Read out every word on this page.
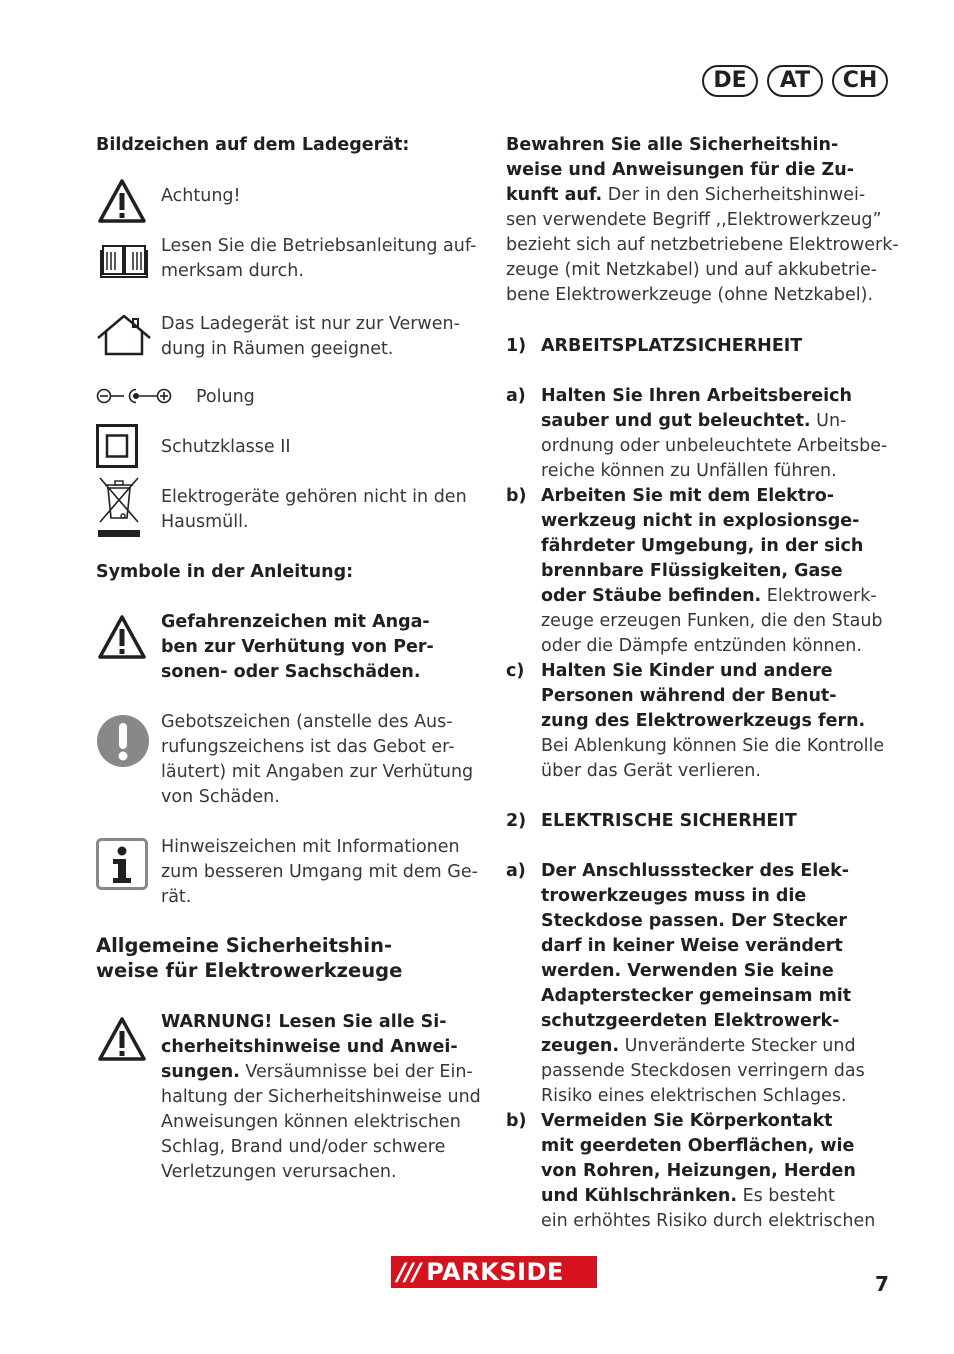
DE	AT	CH
Bildzeichen auf dem Ladegerät:
Achtung!
Lesen Sie die Betriebsanleitung auf-
merksam durch.
Das Ladegerät ist nur zur Verwen-
dung in Räumen geeignet.
Polung
Schutzklasse II
Elektrogeräte gehören nicht in den
Hausmüll.
Symbole in der Anleitung:
Gefahrenzeichen mit Anga-
ben zur Verhütung von Per-
sonen- oder Sachschäden.
Gebotszeichen (anstelle des Aus-
rufungszeichens ist das Gebot er-
läutert) mit Angaben zur Verhütung
von Schäden.
Hinweiszeichen mit Informationen
zum besseren Umgang mit dem Ge-
rät.
Allgemeine Sicherheitshin-
weise für Elektrowerkzeuge
WARNUNG! Lesen Sie alle Si-
cherheitshinweise und Anwei-
sungen. Versäumnisse bei der Ein-
haltung der Sicherheitshinweise und
Anweisungen können elektrischen
Schlag, Brand und/oder schwere
Verletzungen verursachen.
Bewahren Sie alle Sicherheitshin-
weise und Anweisungen für die Zu-
kunft auf. Der in den Sicherheitshinwei-
sen verwendete Begriff ,,Elektrowerkzeug”
bezieht sich auf netzbetriebene Elektrowerk-
zeuge (mit Netzkabel) und auf akkubetrie-
bene Elektrowerkzeuge (ohne Netzkabel).
1) ARBEITSPLATZSICHERHEIT
a) Halten Sie Ihren Arbeitsbereich
sauber und gut beleuchtet. Un-
ordnung oder unbeleuchtete Arbeitsbe-
reiche können zu Unfällen führen.
b) Arbeiten Sie mit dem Elektro-
werkzeug nicht in explosionsge-
fährdeter Umgebung, in der sich
brennbare Flüssigkeiten, Gase
oder Stäube befinden. Elektrowerk-
zeuge erzeugen Funken, die den Staub
oder die Dämpfe entzünden können.
c) Halten Sie Kinder und andere
Personen während der Benut-
zung des Elektrowerkzeugs fern.
Bei Ablenkung können Sie die Kontrolle
über das Gerät verlieren.
2) ELEKTRISCHE SICHERHEIT
a) Der Anschlussstecker des Elek-
trowerkzeuges muss in die
Steckdose passen. Der Stecker
darf in keiner Weise verändert
werden. Verwenden Sie keine
Adapterstecker gemeinsam mit
schutzgeerdeten Elektrowerk-
zeugen. Unveränderte Stecker und
passende Steckdosen verringern das
Risiko eines elektrischen Schlages.
b) Vermeiden Sie Körperkontakt
mit geerdeten Oberflächen, wie
von Rohren, Heizungen, Herden
und Kühlschränken. Es besteht
ein erhöhtes Risiko durch elektrischen
/// PARKSIDE	7
